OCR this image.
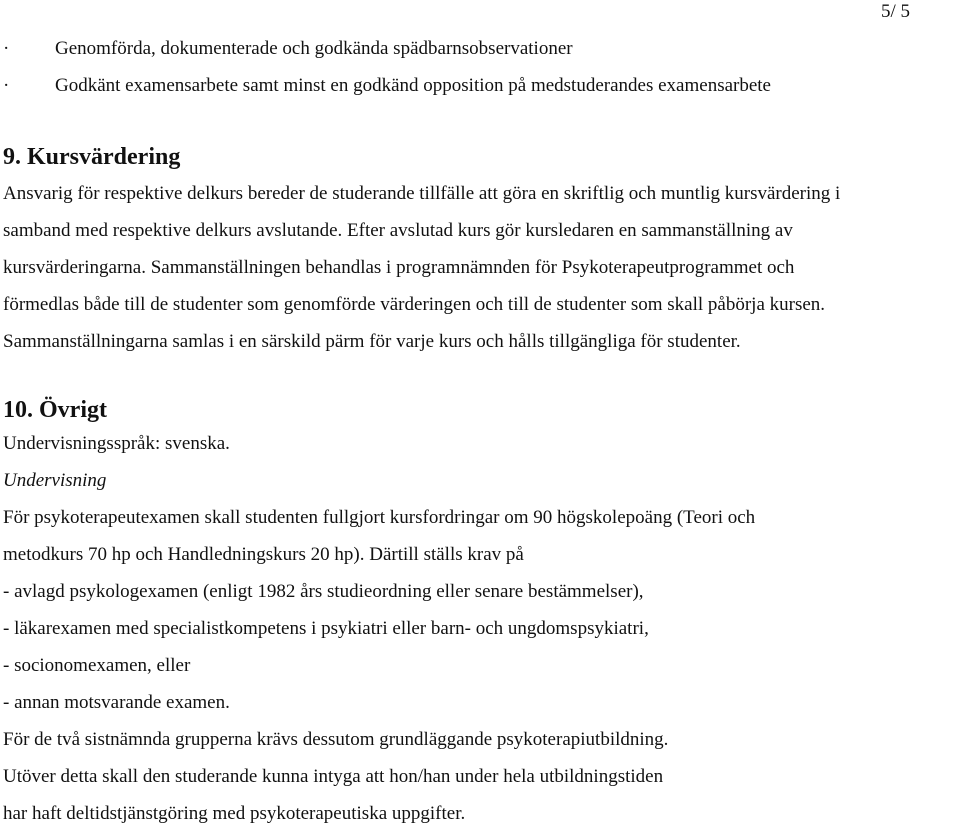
5/ 5
· Genomförda, dokumenterade och godkända spädbarnsobservationer
· Godkänt examensarbete samt minst en godkänd opposition på medstuderandes examensarbete
9. Kursvärdering
Ansvarig för respektive delkurs bereder de studerande tillfälle att göra en skriftlig och muntlig kursvärdering i
samband med respektive delkurs avslutande. Efter avslutad kurs gör kursledaren en sammanställning av
kursvärderingarna. Sammanställningen behandlas i programnämnden för Psykoterapeutprogrammet och
förmedlas både till de studenter som genomförde värderingen och till de studenter som skall påbörja kursen.
Sammanställningarna samlas i en särskild pärm för varje kurs och hålls tillgängliga för studenter.
10. Övrigt
Undervisningsspråk: svenska.
Undervisning
För psykoterapeutexamen skall studenten fullgjort kursfordringar om 90 högskolepoäng (Teori och
metodkurs 70 hp och Handledningskurs 20 hp). Därtill ställs krav på
- avlagd psykologexamen (enligt 1982 års studieordning eller senare bestämmelser),
- läkarexamen med specialistkompetens i psykiatri eller barn- och ungdomspsykiatri,
- socionomexamen, eller
- annan motsvarande examen.
För de två sistnämnda grupperna krävs dessutom grundläggande psykoterapiutbildning.
Utöver detta skall den studerande kunna intyga att hon/han under hela utbildningstiden
har haft deltidstjänstgöring med psykoterapeutiska uppgifter.
